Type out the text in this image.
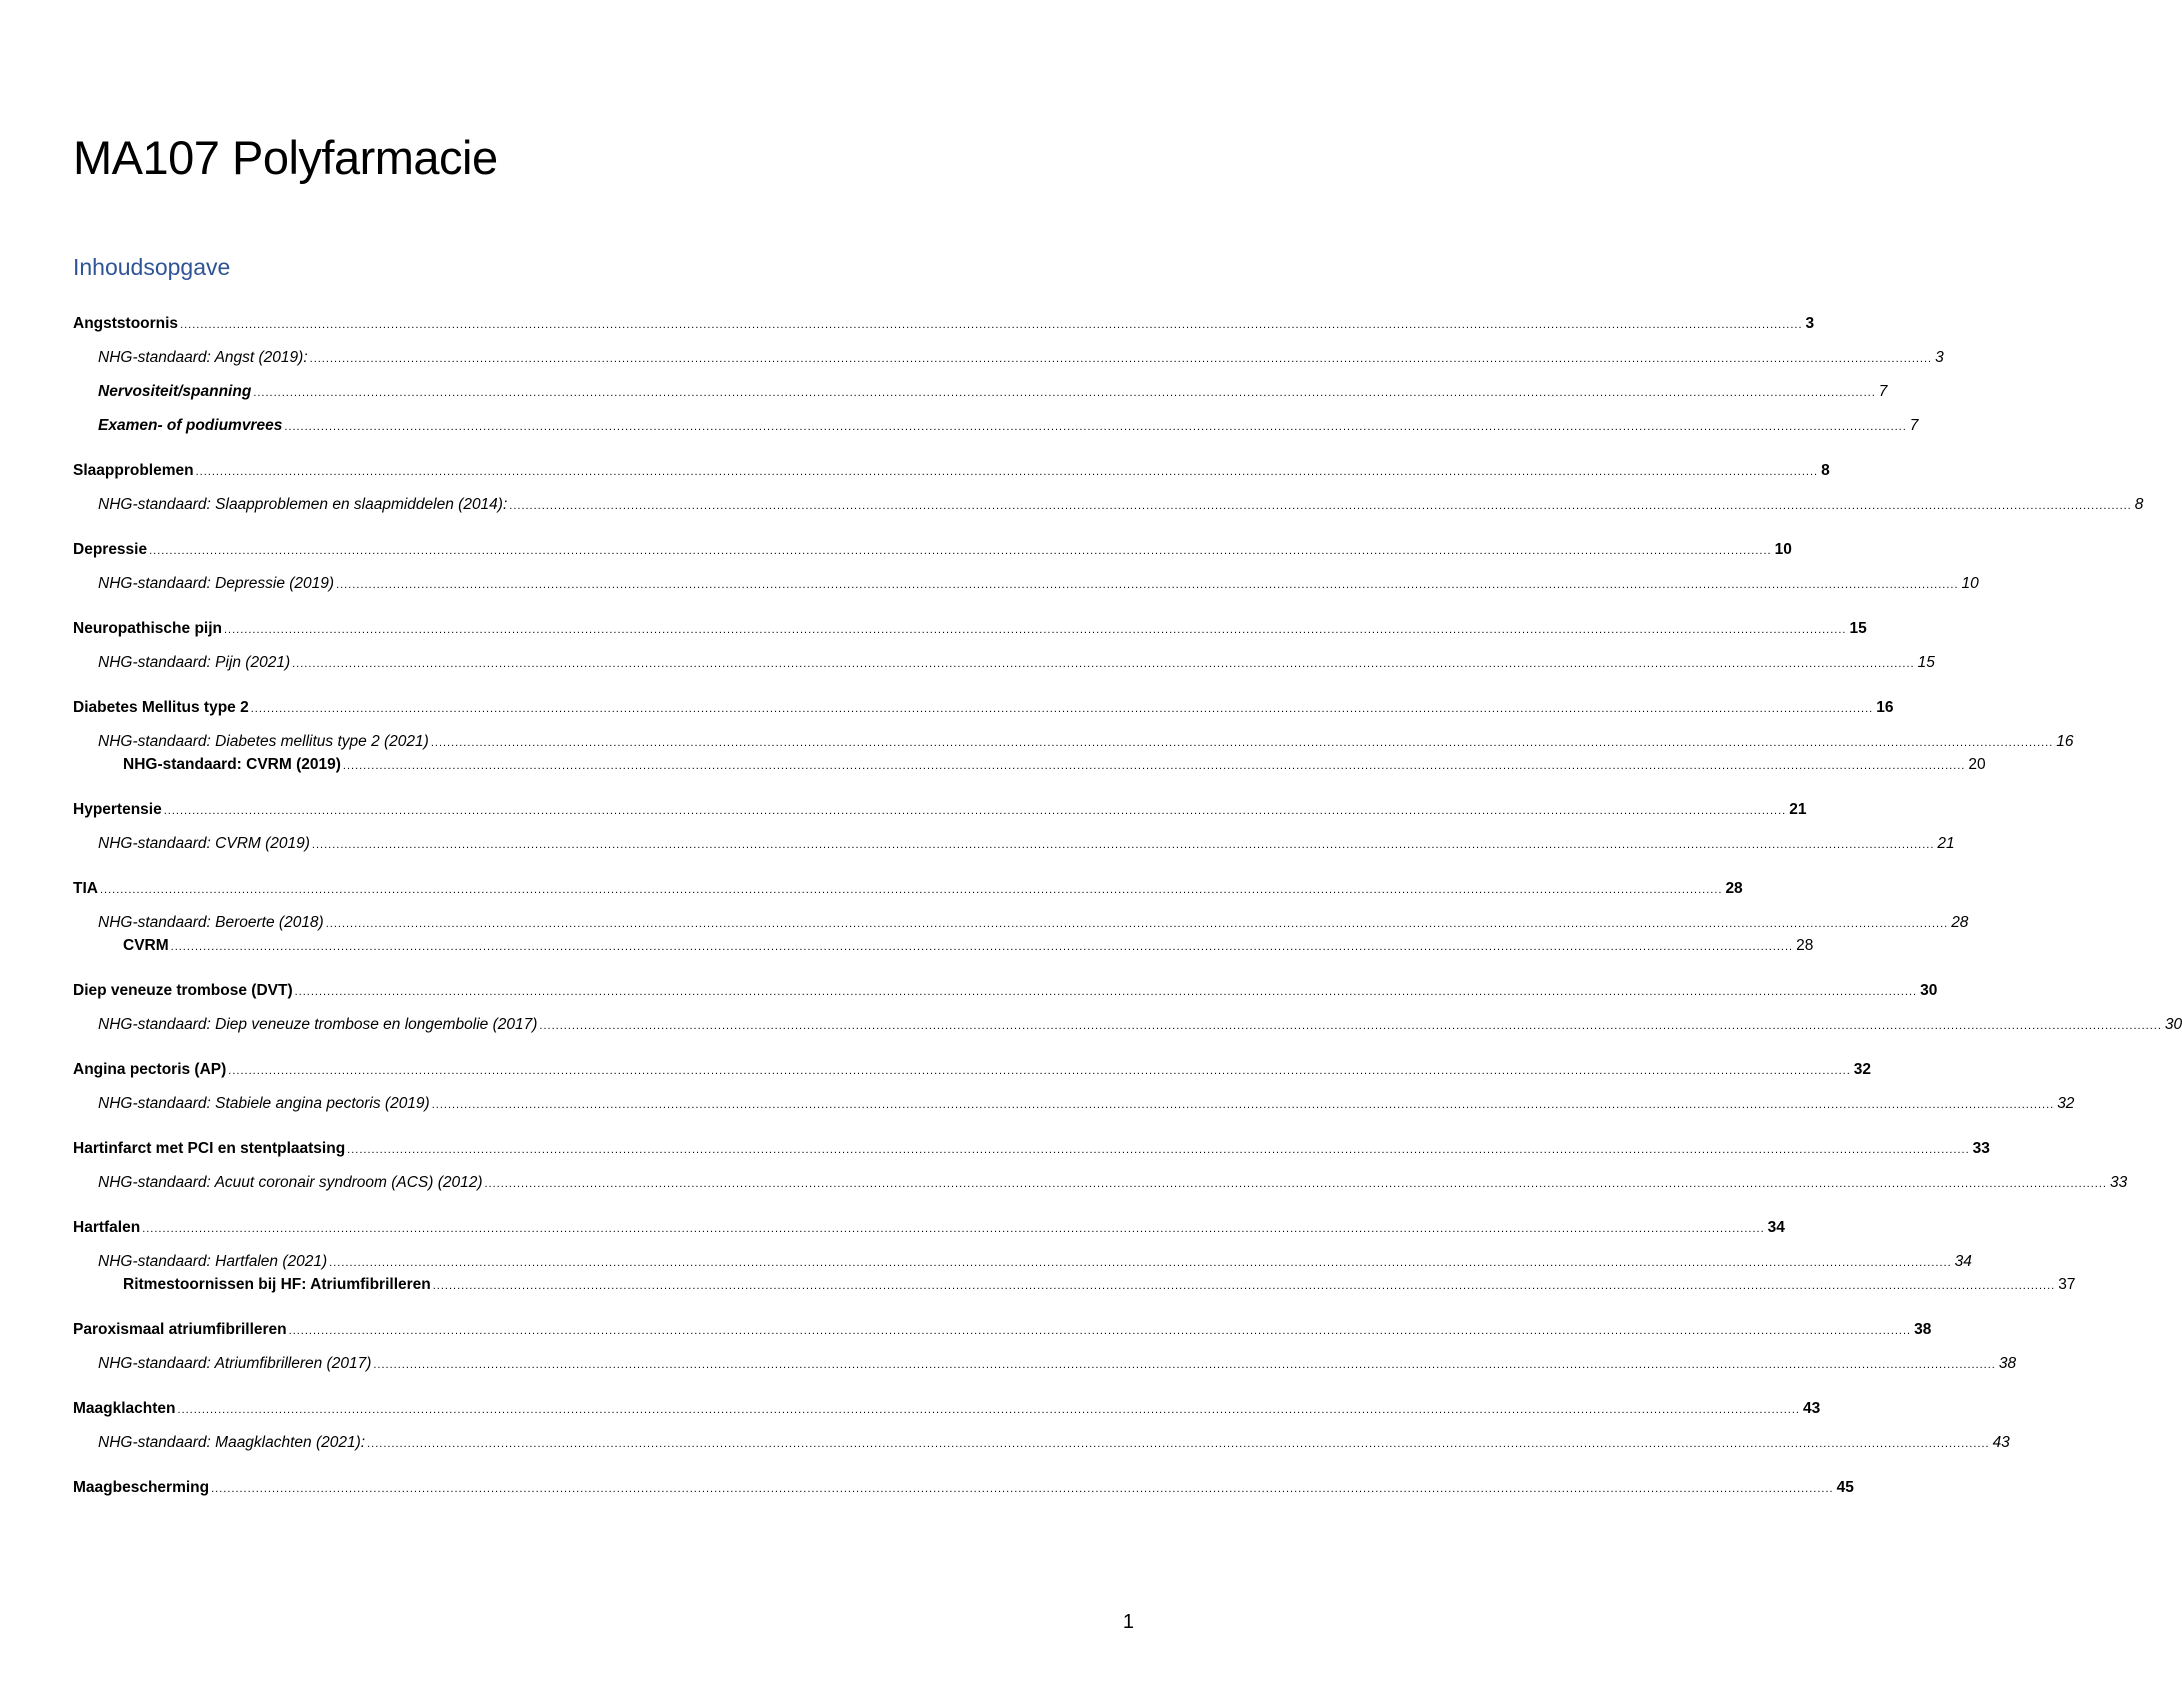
MA107 Polyfarmacie
Inhoudsopgave
Angststoornis ................................................................................................................................................................................................................................................................................................................................................................................................................ 3
NHG-standaard: Angst (2019): ................................................................................................................................................................................................................................................................................................................................................................................................................ 3
Nervositeit/spanning ................................................................................................................................................................................................................................................................................................................................................................................................................ 7
Examen- of podiumvrees ................................................................................................................................................................................................................................................................................................................................................................................................................ 7
Slaapproblemen ................................................................................................................................................................................................................................................................................................................................................................................................................ 8
NHG-standaard: Slaapproblemen en slaapmiddelen (2014): ................................................................................................................................................................................................................................................................................................................................................................................................................ 8
Depressie ................................................................................................................................................................................................................................................................................................................................................................................................................ 10
NHG-standaard: Depressie (2019) ................................................................................................................................................................................................................................................................................................................................................................................................................ 10
Neuropathische pijn ................................................................................................................................................................................................................................................................................................................................................................................................................ 15
NHG-standaard: Pijn (2021) ................................................................................................................................................................................................................................................................................................................................................................................................................ 15
Diabetes Mellitus type 2 ................................................................................................................................................................................................................................................................................................................................................................................................................ 16
NHG-standaard: Diabetes mellitus type 2 (2021) ................................................................................................................................................................................................................................................................................................................................................................................................................ 16
NHG-standaard: CVRM (2019) ................................................................................................................................................................................................................................................................................................................................................................................................................ 20
Hypertensie ................................................................................................................................................................................................................................................................................................................................................................................................................ 21
NHG-standaard: CVRM (2019) ................................................................................................................................................................................................................................................................................................................................................................................................................ 21
TIA ................................................................................................................................................................................................................................................................................................................................................................................................................ 28
NHG-standaard: Beroerte (2018) ................................................................................................................................................................................................................................................................................................................................................................................................................ 28
CVRM ................................................................................................................................................................................................................................................................................................................................................................................................................ 28
Diep veneuze trombose (DVT) ................................................................................................................................................................................................................................................................................................................................................................................................................ 30
NHG-standaard: Diep veneuze trombose en longembolie (2017) ................................................................................................................................................................................................................................................................................................................................................................................................................ 30
Angina pectoris (AP) ................................................................................................................................................................................................................................................................................................................................................................................................................ 32
NHG-standaard: Stabiele angina pectoris (2019) ................................................................................................................................................................................................................................................................................................................................................................................................................ 32
Hartinfarct met PCI en stentplaatsing ................................................................................................................................................................................................................................................................................................................................................................................................................ 33
NHG-standaard: Acuut coronair syndroom (ACS) (2012) ................................................................................................................................................................................................................................................................................................................................................................................................................ 33
Hartfalen ................................................................................................................................................................................................................................................................................................................................................................................................................ 34
NHG-standaard: Hartfalen (2021) ................................................................................................................................................................................................................................................................................................................................................................................................................ 34
Ritmestoornissen bij HF: Atriumfibrilleren ................................................................................................................................................................................................................................................................................................................................................................................................................ 37
Paroxismaal atriumfibrilleren ................................................................................................................................................................................................................................................................................................................................................................................................................ 38
NHG-standaard: Atriumfibrilleren (2017) ................................................................................................................................................................................................................................................................................................................................................................................................................ 38
Maagklachten ................................................................................................................................................................................................................................................................................................................................................................................................................ 43
NHG-standaard: Maagklachten (2021): ................................................................................................................................................................................................................................................................................................................................................................................................................ 43
Maagbescherming ................................................................................................................................................................................................................................................................................................................................................................................................................ 45
1
